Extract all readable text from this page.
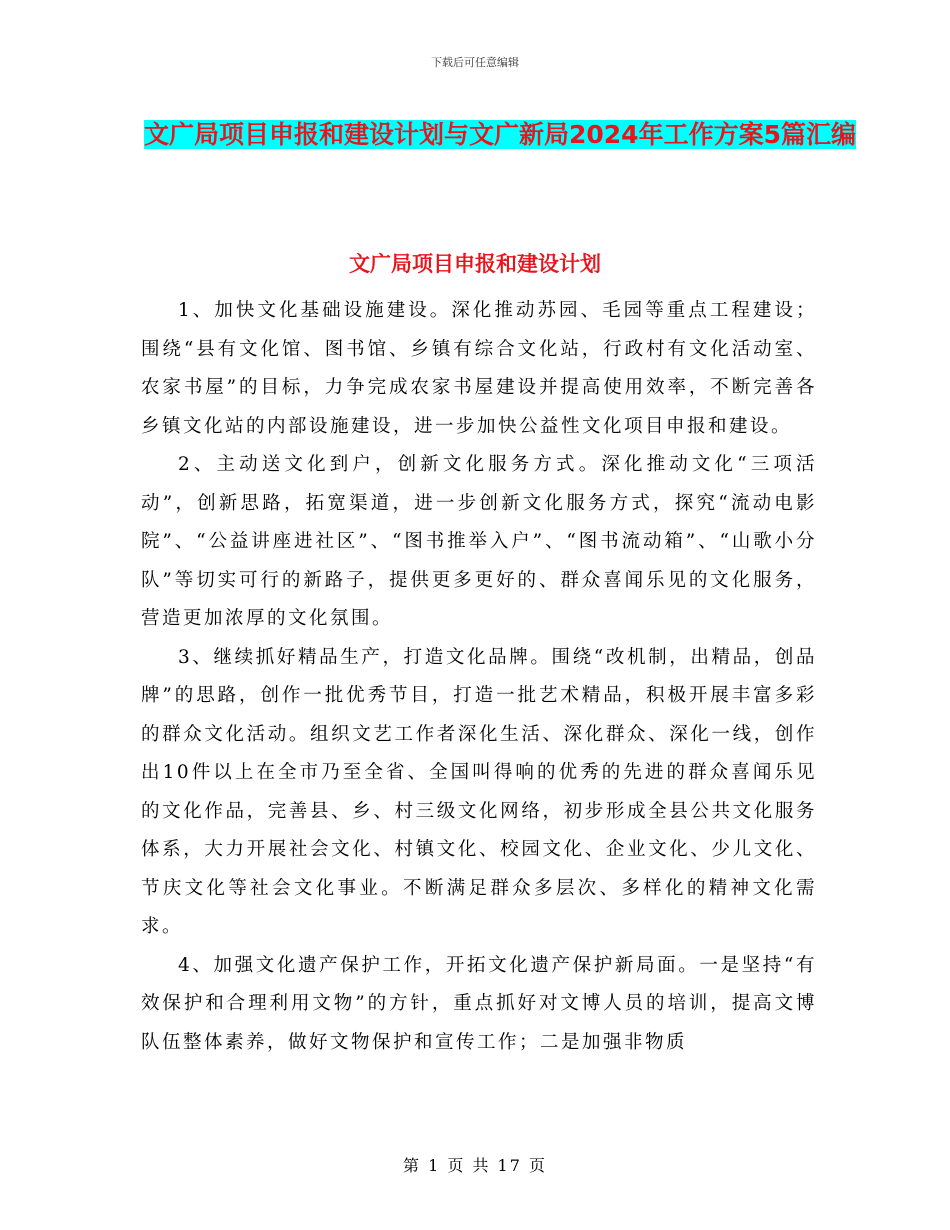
下载后可任意编辑
文广局项目申报和建设计划与文广新局2024年工作方案5篇汇编
文广局项目申报和建设计划

1、加快文化基础设施建设。深化推动苏园、毛园等重点工程建设；围绕“县有文化馆、图书馆、乡镇有综合文化站，行政村有文化活动室、农家书屋”的目标，力争完成农家书屋建设并提高使用效率，不断完善各乡镇文化站的内部设施建设，进一步加快公益性文化项目申报和建设。

2、主动送文化到户，创新文化服务方式。深化推动文化“三项活动”，创新思路，拓宽渠道，进一步创新文化服务方式，探究“流动电影院”、“公益讲座进社区”、“图书推举入户”、“图书流动箱”、“山歌小分队”等切实可行的新路子，提供更多更好的、群众喜闻乐见的文化服务，营造更加浓厚的文化氛围。

3、继续抓好精品生产，打造文化品牌。围绕“改机制，出精品，创品牌”的思路，创作一批优秀节目，打造一批艺术精品，积极开展丰富多彩的群众文化活动。组织文艺工作者深化生活、深化群众、深化一线，创作出10件以上在全市乃至全省、全国叫得响的优秀的先进的群众喜闻乐见的文化作品，完善县、乡、村三级文化网络，初步形成全县公共文化服务体系，大力开展社会文化、村镇文化、校园文化、企业文化、少儿文化、节庆文化等社会文化事业。不断满足群众多层次、多样化的精神文化需求。

4、加强文化遗产保护工作，开拓文化遗产保护新局面。一是坚持“有效保护和合理利用文物”的方针，重点抓好对文博人员的培训，提高文博队伍整体素养，做好文物保护和宣传工作；二是加强非物质

第 1 页 共 17 页
